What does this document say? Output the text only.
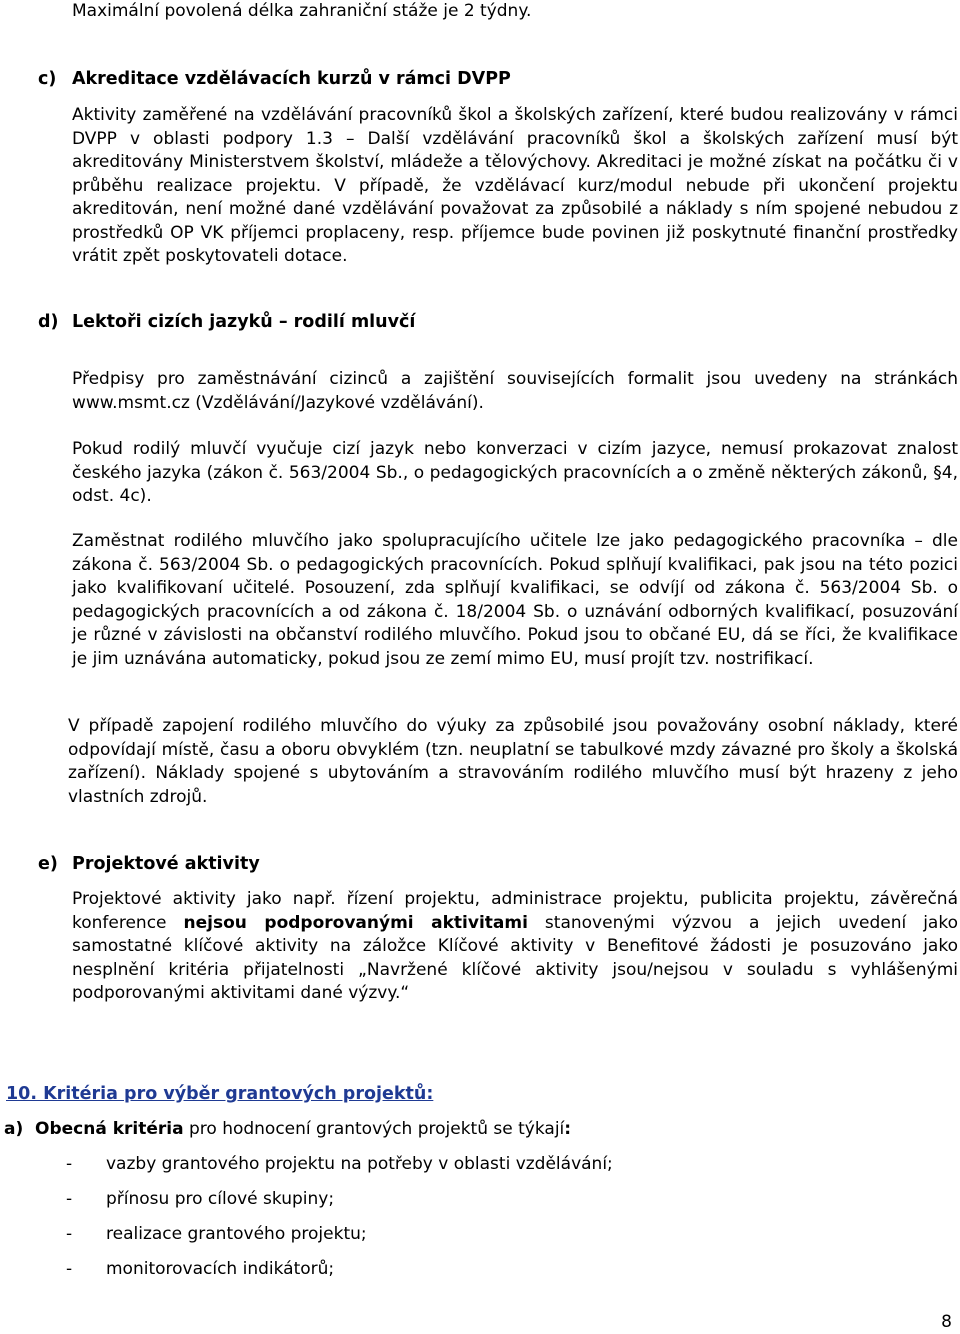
Maximální povolená délka zahraniční stáže je 2 týdny.
c) Akreditace vzdělávacích kurzů v rámci DVPP
Aktivity zaměřené na vzdělávání pracovníků škol a školských zařízení, které budou realizovány v rámci DVPP v oblasti podpory 1.3 – Další vzdělávání pracovníků škol a školských zařízení musí být akreditovány Ministerstvem školství, mládeže a tělovýchovy. Akreditaci je možné získat na počátku či v průběhu realizace projektu. V případě, že vzdělávací kurz/modul nebude při ukončení projektu akreditován, není možné dané vzdělávání považovat za způsobilé a náklady s ním spojené nebudou z prostředků OP VK příjemci proplaceny, resp. příjemce bude povinen již poskytnuté finanční prostředky vrátit zpět poskytovateli dotace.
d) Lektoři cizích jazyků – rodilí mluvčí
Předpisy pro zaměstnávání cizinců a zajištění souvisejících formalit jsou uvedeny na stránkách www.msmt.cz (Vzdělávání/Jazykové vzdělávání).
Pokud rodilý mluvčí vyučuje cizí jazyk nebo konverzaci v cizím jazyce, nemusí prokazovat znalost českého jazyka (zákon č. 563/2004 Sb., o pedagogických pracovnících a o změně některých zákonů, §4, odst. 4c).
Zaměstnat rodilého mluvčího jako spolupracujícího učitele lze jako pedagogického pracovníka – dle zákona č. 563/2004 Sb. o pedagogických pracovnících. Pokud splňují kvalifikaci, pak jsou na této pozici jako kvalifikovaní učitelé. Posouzení, zda splňují kvalifikaci, se odvíjí od zákona č. 563/2004 Sb. o pedagogických pracovnících a od zákona č. 18/2004 Sb. o uznávání odborných kvalifikací, posuzování je různé v závislosti na občanství rodilého mluvčího. Pokud jsou to občané EU, dá se říci, že kvalifikace je jim uznávána automaticky, pokud jsou ze zemí mimo EU, musí projít tzv. nostrifikací.
V případě zapojení rodilého mluvčího do výuky za způsobilé jsou považovány osobní náklady, které odpovídají místě, času a oboru obvyklém (tzn. neuplatní se tabulkové mzdy závazné pro školy a školská zařízení). Náklady spojené s ubytováním a stravováním rodilého mluvčího musí být hrazeny z jeho vlastních zdrojů.
e) Projektové aktivity
Projektové aktivity jako např. řízení projektu, administrace projektu, publicita projektu, závěrečná konference nejsou podporovanými aktivitami stanovenými výzvou a jejich uvedení jako samostatné klíčové aktivity na záložce Klíčové aktivity v Benefitové žádosti je posuzováno jako nesplnění kritéria přijatelnosti „Navržené klíčové aktivity jsou/nejsou v souladu s vyhlášenými podporovanými aktivitami dané výzvy.“
10. Kritéria pro výběr grantových projektů:
a) Obecná kritéria pro hodnocení grantových projektů se týkají:
- vazby grantového projektu na potřeby v oblasti vzdělávání;
- přínosu pro cílové skupiny;
- realizace grantového projektu;
- monitorovacích indikátorů;
8
